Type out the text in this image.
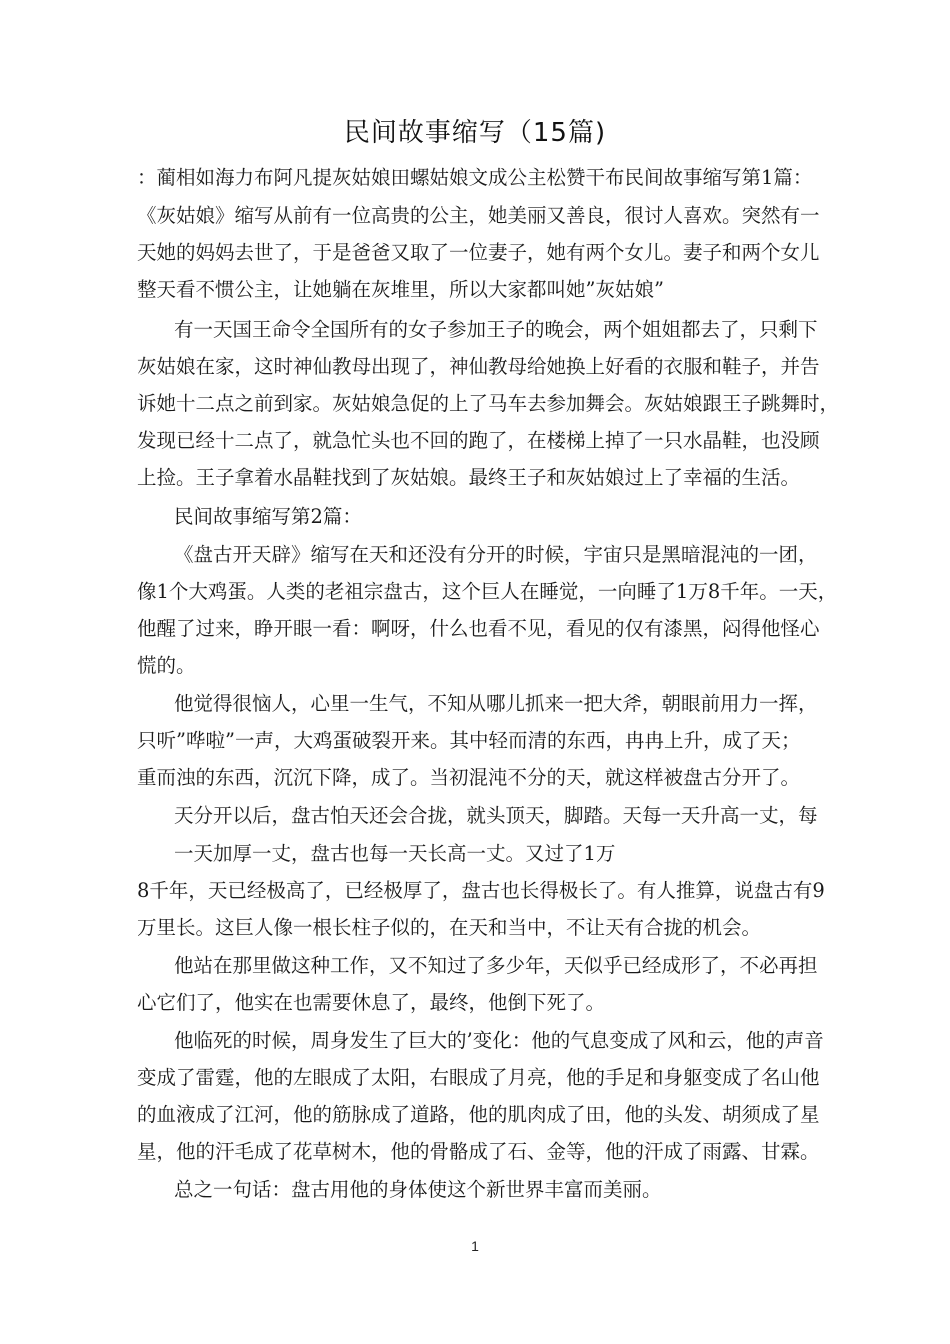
民间故事缩写（15篇)
：蔺相如海力布阿凡提灰姑娘田螺姑娘文成公主松赞干布民间故事缩写第1篇：
《灰姑娘》缩写从前有一位高贵的公主，她美丽又善良，很讨人喜欢。突然有一
天她的妈妈去世了，于是爸爸又取了一位妻子，她有两个女儿。妻子和两个女儿
整天看不惯公主，让她躺在灰堆里，所以大家都叫她”灰姑娘”
有一天国王命令全国所有的女子参加王子的晚会，两个姐姐都去了，只剩下
灰姑娘在家，这时神仙教母出现了，神仙教母给她换上好看的衣服和鞋子，并告
诉她十二点之前到家。灰姑娘急促的上了马车去参加舞会。灰姑娘跟王子跳舞时，
发现已经十二点了，就急忙头也不回的跑了，在楼梯上掉了一只水晶鞋，也没顾
上捡。王子拿着水晶鞋找到了灰姑娘。最终王子和灰姑娘过上了幸福的生活。
民间故事缩写第2篇：
《盘古开天辟》缩写在天和还没有分开的时候，宇宙只是黑暗混沌的一团，
像1个大鸡蛋。人类的老祖宗盘古，这个巨人在睡觉，一向睡了1万8千年。一天，
他醒了过来，睁开眼一看：啊呀，什么也看不见，看见的仅有漆黑，闷得他怪心
慌的。
他觉得很恼人，心里一生气，不知从哪儿抓来一把大斧，朝眼前用力一挥，
只听”哗啦”一声，大鸡蛋破裂开来。其中轻而清的东西，冉冉上升，成了天；
重而浊的东西，沉沉下降，成了。当初混沌不分的天，就这样被盘古分开了。
天分开以后，盘古怕天还会合拢，就头顶天，脚踏。天每一天升高一丈，每
一天加厚一丈，盘古也每一天长高一丈。又过了1万
8千年，天已经极高了，已经极厚了，盘古也长得极长了。有人推算，说盘古有9
万里长。这巨人像一根长柱子似的，在天和当中，不让天有合拢的机会。
他站在那里做这种工作，又不知过了多少年，天似乎已经成形了，不必再担
心它们了，他实在也需要休息了，最终，他倒下死了。
他临死的时候，周身发生了巨大的’变化：他的气息变成了风和云，他的声音
变成了雷霆，他的左眼成了太阳，右眼成了月亮，他的手足和身躯变成了名山他
的血液成了江河，他的筋脉成了道路，他的肌肉成了田，他的头发、胡须成了星
星，他的汗毛成了花草树木，他的骨骼成了石、金等，他的汗成了雨露、甘霖。
总之一句话：盘古用他的身体使这个新世界丰富而美丽。
1
